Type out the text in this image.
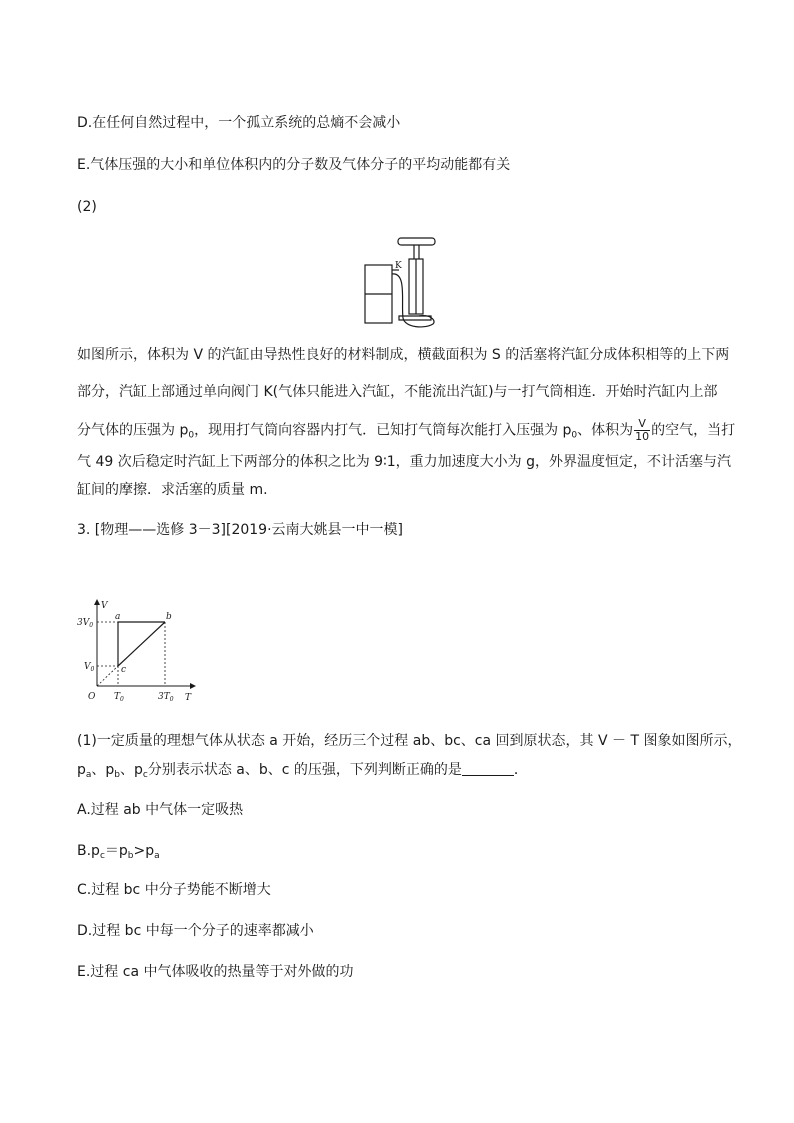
D.在任何自然过程中，一个孤立系统的总熵不会减小
E.气体压强的大小和单位体积内的分子数及气体分子的平均动能都有关
(2)
K
如图所示，体积为 V 的汽缸由导热性良好的材料制成，横截面积为 S 的活塞将汽缸分成体积相等的上下两
部分，汽缸上部通过单向阀门 K(气体只能进入汽缸，不能流出汽缸)与一打气筒相连．开始时汽缸内上部
分气体的压强为 $p_0$，现用打气筒向容器内打气．已知打气筒每次能打入压强为 $p_0$、体积为 $\frac{V}{10}$ 的空气，当打
气 49 次后稳定时汽缸上下两部分的体积之比为 9∶1，重力加速度大小为 g，外界温度恒定，不计活塞与汽
缸间的摩擦．求活塞的质量 m.
3. [物理——选修 3－3][2019·云南大姚县一中一模]
V
T
O
$3V_0$
$V_0$
$T_0$	$3T_0$
a	b
c
(1)一定质量的理想气体从状态 a 开始，经历三个过程 ab、bc、ca 回到原状态，其 V － T 图象如图所示，
$p_a$、$p_b$、$p_c$分别表示状态 a、b、c 的压强，下列判断正确的是	．
A.过程 ab 中气体一定吸热
$B.p_c=p_b>p_a$
C.过程 bc 中分子势能不断增大
D.过程 bc 中每一个分子的速率都减小
E.过程 ca 中气体吸收的热量等于对外做的功
